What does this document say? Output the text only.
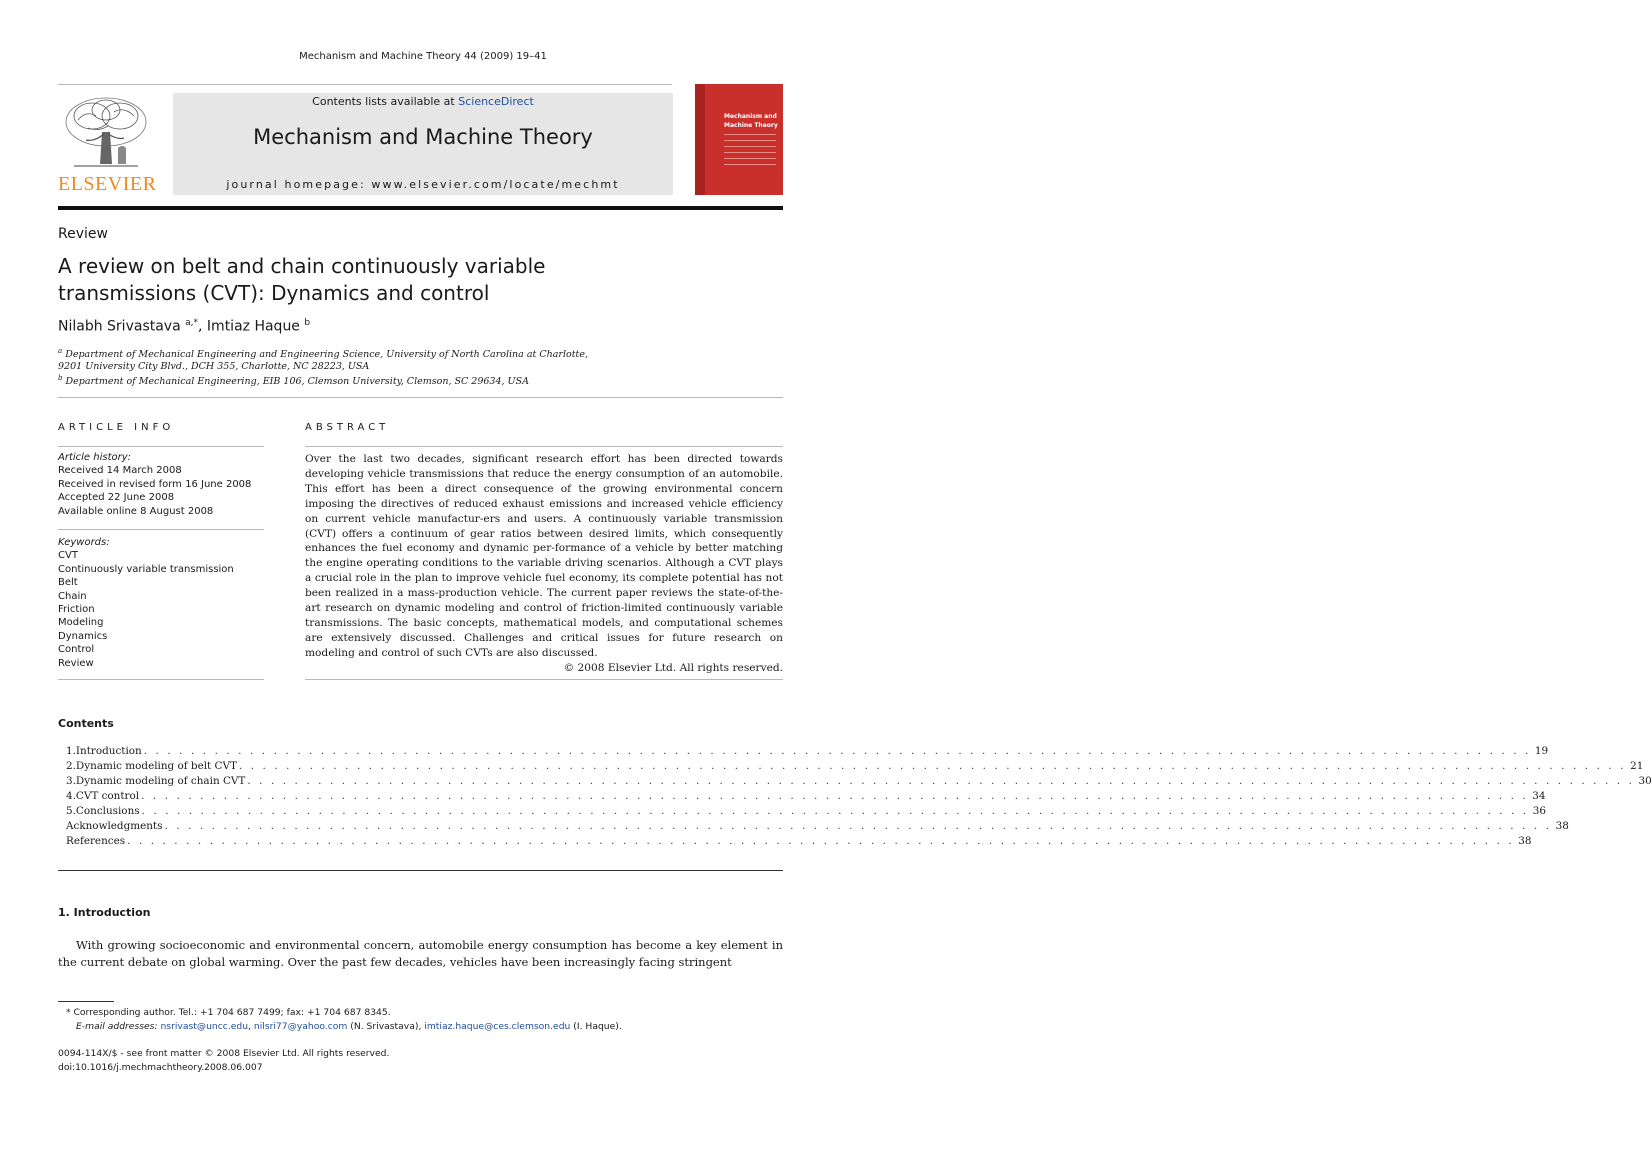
Mechanism and Machine Theory 44 (2009) 19–41
ELSEVIER
Contents lists available at ScienceDirect
Mechanism and Machine Theory
journal homepage: www.elsevier.com/locate/mechmt
Mechanism and Machine Theory
Review
A review on belt and chain continuously variable
transmissions (CVT): Dynamics and control
Nilabh Srivastava $^{a,*}$, Imtiaz Haque $^b$
$^a$ Department of Mechanical Engineering and Engineering Science, University of North Carolina at Charlotte,
9201 University City Blvd., DCH 355, Charlotte, NC 28223, USA
$^b$ Department of Mechanical Engineering, EIB 106, Clemson University, Clemson, SC 29634, USA
ARTICLE INFO
Article history:
Received 14 March 2008
Received in revised form 16 June 2008
Accepted 22 June 2008
Available online 8 August 2008
Keywords:
CVT
Continuously variable transmission
Belt
Chain
Friction
Modeling
Dynamics
Control
Review
ABSTRACT
Over the last two decades, significant research effort has been directed towards developing vehicle transmissions that reduce the energy consumption of an automobile. This effort has been a direct consequence of the growing environmental concern imposing the directives of reduced exhaust emissions and increased vehicle efficiency on current vehicle manufactur-ers and users. A continuously variable transmission (CVT) offers a continuum of gear ratios between desired limits, which consequently enhances the fuel economy and dynamic per-formance of a vehicle by better matching the engine operating conditions to the variable driving scenarios. Although a CVT plays a crucial role in the plan to improve vehicle fuel economy, its complete potential has not been realized in a mass-production vehicle. The current paper reviews the state-of-the-art research on dynamic modeling and control of friction-limited continuously variable transmissions. The basic concepts, mathematical models, and computational schemes are extensively discussed. Challenges and critical issues for future research on modeling and control of such CVTs are also discussed.
© 2008 Elsevier Ltd. All rights reserved.
Contents
1. Introduction . . . . . . . . . . . . . . . . . . . . . . . . . . . . . . . . . . . . . . . . . . . . . . . . . . . . . . . . . . . . . . . . . . . . . . . . . . . . . . . . . . . . . . . . . . . . . . . . . . . . . . . . . . . . . . . . . . . . . . 19
2. Dynamic modeling of belt CVT . . . . . . . . . . . . . . . . . . . . . . . . . . . . . . . . . . . . . . . . . . . . . . . . . . . . . . . . . . . . . . . . . . . . . . . . . . . . . . . . . . . . . . . . . . . . . . . . . . . . . . . . . . . . . . . . . . . . . . 21
3. Dynamic modeling of chain CVT . . . . . . . . . . . . . . . . . . . . . . . . . . . . . . . . . . . . . . . . . . . . . . . . . . . . . . . . . . . . . . . . . . . . . . . . . . . . . . . . . . . . . . . . . . . . . . . . . . . . . . . . . . . . . . . . . . . . . . 30
4. CVT control . . . . . . . . . . . . . . . . . . . . . . . . . . . . . . . . . . . . . . . . . . . . . . . . . . . . . . . . . . . . . . . . . . . . . . . . . . . . . . . . . . . . . . . . . . . . . . . . . . . . . . . . . . . . . . . . . . . . . . 34
5. Conclusions . . . . . . . . . . . . . . . . . . . . . . . . . . . . . . . . . . . . . . . . . . . . . . . . . . . . . . . . . . . . . . . . . . . . . . . . . . . . . . . . . . . . . . . . . . . . . . . . . . . . . . . . . . . . . . . . . . . . . . 36
Acknowledgments . . . . . . . . . . . . . . . . . . . . . . . . . . . . . . . . . . . . . . . . . . . . . . . . . . . . . . . . . . . . . . . . . . . . . . . . . . . . . . . . . . . . . . . . . . . . . . . . . . . . . . . . . . . . . . . . . . . . . . 38
References . . . . . . . . . . . . . . . . . . . . . . . . . . . . . . . . . . . . . . . . . . . . . . . . . . . . . . . . . . . . . . . . . . . . . . . . . . . . . . . . . . . . . . . . . . . . . . . . . . . . . . . . . . . . . . . . . . . . . . 38
1. Introduction
With growing socioeconomic and environmental concern, automobile energy consumption has become a key element in the current debate on global warming. Over the past few decades, vehicles have been increasingly facing stringent
* Corresponding author. Tel.: +1 704 687 7499; fax: +1 704 687 8345.
E-mail addresses: nsrivast@uncc.edu, nilsri77@yahoo.com (N. Srivastava), imtiaz.haque@ces.clemson.edu (I. Haque).
0094-114X/$ - see front matter © 2008 Elsevier Ltd. All rights reserved.
doi:10.1016/j.mechmachtheory.2008.06.007
